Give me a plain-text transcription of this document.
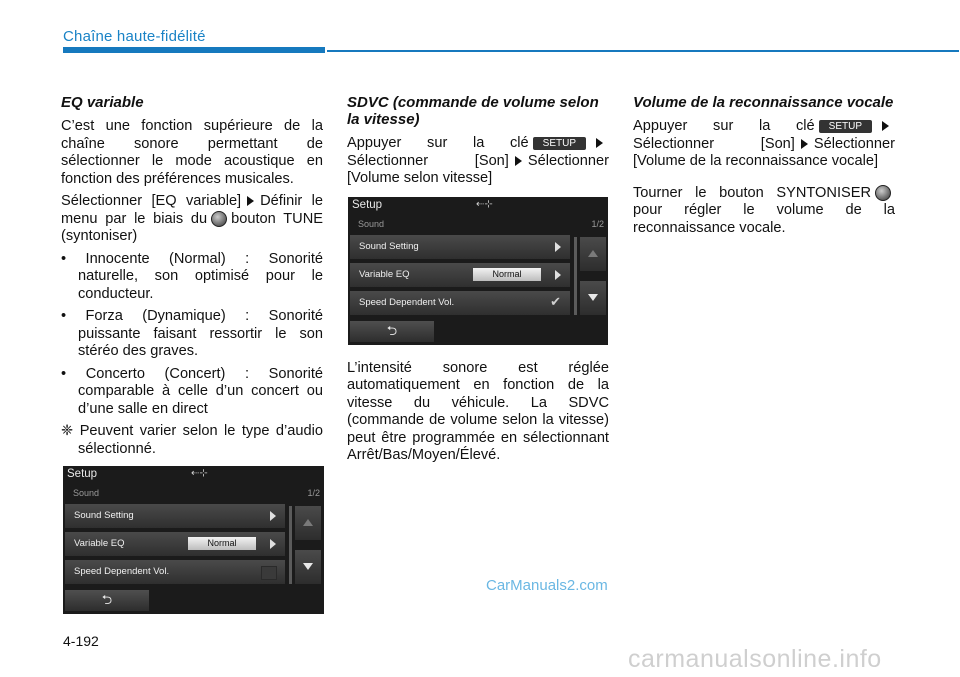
Chaîne haute-fidélité
EQ variable

C’est une fonction supérieure de la chaîne sonore permettant de sélectionner le mode acoustique en fonction des préférences musicales.

Sélectionner [EQ variable] Définir le menu par le biais du bouton TUNE (syntoniser)

• Innocente (Normal) : Sonorité naturelle, son optimisé pour le conducteur.
• Forza (Dynamique) : Sonorité puissante faisant ressortir le son stéréo des graves.
• Concerto (Concert) : Sonorité comparable à celle d’un concert ou d’une salle en direct
❈ Peuvent varier selon le type d’audio sélectionné.
SDVC (commande de volume selon la vitesse)

Appuyer sur la clé SETUPSélectionner [Son] Sélectionner [Volume selon vitesse]

L’intensité sonore est réglée automatiquement en fonction de la vitesse du véhicule. La SDVC (commande de volume selon la vitesse) peut être programmée en sélectionnant Arrêt/Bas/Moyen/Élevé.

Volume de la reconnaissance vocale

Appuyer sur la clé SETUPSélectionner [Son] Sélectionner [Volume de la reconnaissance vocale]

Tourner le bouton SYNTONISERpour régler le volume de la reconnaissance vocale.

Setup	⇠⊹
Sound	1/2
Sound Setting
Variable EQ	Normal
Speed Dependent Vol.
⮌
Setup	⇠⊹
Sound	1/2
Sound Setting
Variable EQ	Normal
Speed Dependent Vol.	✔
⮌
4-192
CarManuals2.com
carmanualsonline.info
